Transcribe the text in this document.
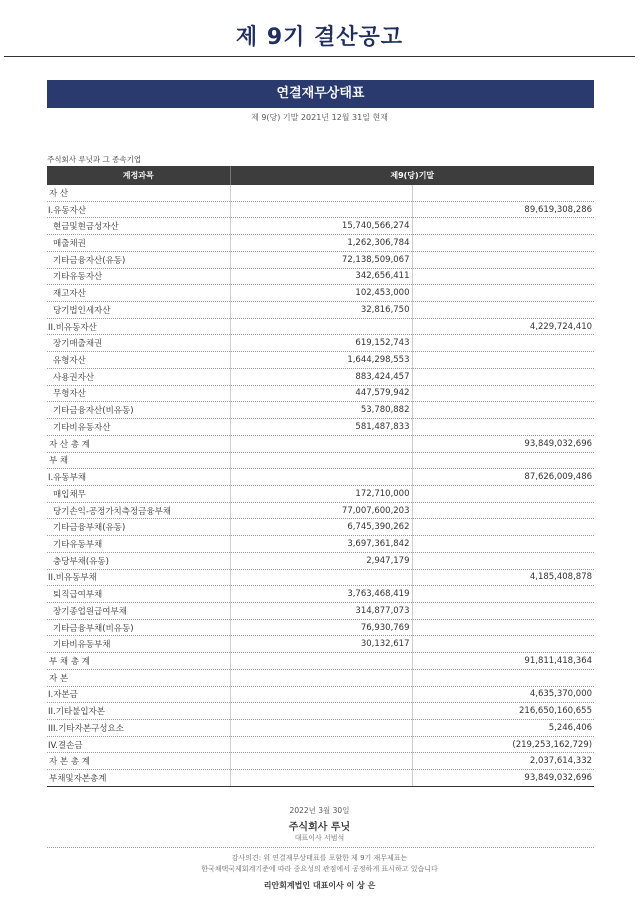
제 9기 결산공고
연결재무상태표
제 9(당) 기말 2021년 12월 31일 현재
주식회사 루닛과 그 종속기업
계정과목	제9(당)기말	
자 산		
I.유동자산		89,619,308,286
현금및현금성자산	15,740,566,274	
매출채권	1,262,306,784	
기타금융자산(유동)	72,138,509,067	
기타유동자산	342,656,411	
재고자산	102,453,000	
당기법인세자산	32,816,750	
II.비유동자산		4,229,724,410
장기매출채권	619,152,743	
유형자산	1,644,298,553	
사용권자산	883,424,457	
무형자산	447,579,942	
기타금융자산(비유동)	53,780,882	
기타비유동자산	581,487,833	
자 산 총 계		93,849,032,696
부 채		
I.유동부채		87,626,009,486
매입채무	172,710,000	
당기손익-공정가치측정금융부채	77,007,600,203	
기타금융부채(유동)	6,745,390,262	
기타유동부채	3,697,361,842	
충당부채(유동)	2,947,179	
II.비유동부채		4,185,408,878
퇴직급여부채	3,763,468,419	
장기종업원급여부채	314,877,073	
기타금융부채(비유동)	76,930,769	
기타비유동부채	30,132,617	
부 채 총 계		91,811,418,364
자 본		
I.자본금		4,635,370,000
II.기타불입자본		216,650,160,655
III.기타자본구성요소		5,246,406
IV.결손금		(219,253,162,729)
자 본 총 계		2,037,614,332
부채및자본총계		93,849,032,696
2022년 3월 30일
주식회사 루닛
대표이사 서범석
감사의견: 위 연결재무상태표를 포함한 제 9기 재무제표는
한국채택국제회계기준에 따라 중요성의 관점에서 공정하게 표시하고 있습니다
리안회계법인 대표이사 이 상 은
